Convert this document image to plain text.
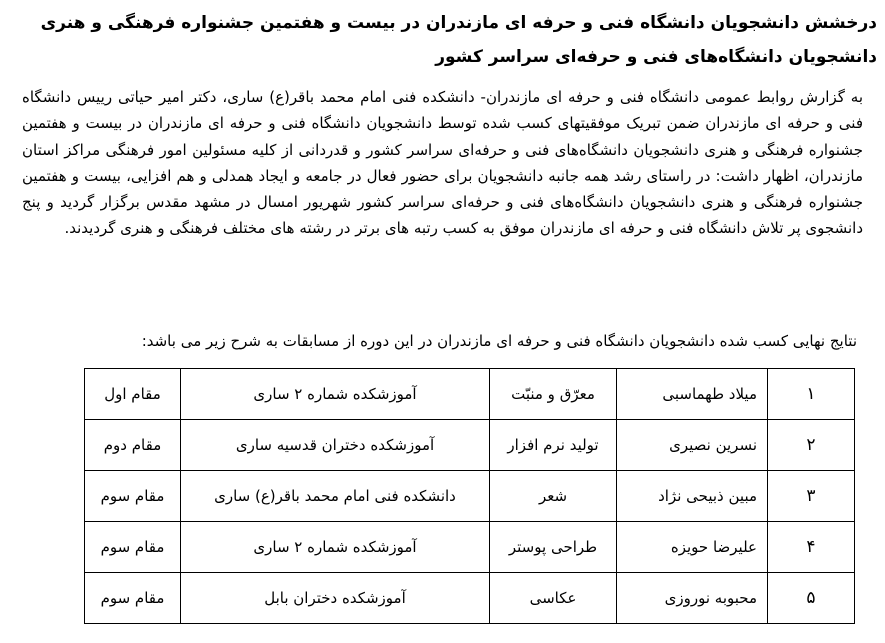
درخشش دانشجویان دانشگاه فنی و حرفه ای مازندران در بیست و هفتمین جشنواره فرهنگی و هنری دانشجویان دانشگاه‌های فنی و حرفه‌ای سراسر کشور

به گزارش روابط عمومی دانشگاه فنی و حرفه ای مازندران- دانشکده فنی امام محمد باقر(ع) ساری، دکتر امیر حیاتی رییس دانشگاه فنی و حرفه ای مازندران ضمن تبریک موفقیتهای کسب شده توسط دانشجویان دانشگاه فنی و حرفه ای مازندران در بیست و هفتمین جشنواره فرهنگی و هنری دانشجویان دانشگاه‌های فنی و حرفه‌ای سراسر کشور و قدردانی از کلیه مسئولین امور فرهنگی مراکز استان مازندران، اظهار داشت: در راستای رشد همه جانبه دانشجویان برای حضور فعال در جامعه و ایجاد همدلی و هم افزایی، بیست و هفتمین جشنواره فرهنگی و هنری دانشجویان دانشگاه‌های فنی و حرفه‌ای سراسر کشور شهریور امسال در مشهد مقدس برگزار گردید و پنج دانشجوی پر تلاش دانشگاه فنی و حرفه ای مازندران موفق به کسب رتبه های برتر در رشته های مختلف فرهنگی و هنری گردیدند.

نتایج نهایی کسب شده دانشجویان دانشگاه فنی و حرفه ای مازندران در این دوره از مسابقات به شرح زیر می باشد:

۱	میلاد طهماسبی	معرّق و منبّت	آموزشکده شماره ۲ ساری	مقام اول
۲	نسرین نصیری	تولید نرم افزار	آموزشکده دختران قدسیه ساری	مقام دوم
۳	مبین ذبیحی نژاد	شعر	دانشکده فنی امام محمد باقر(ع) ساری	مقام سوم
۴	علیرضا حویزه	طراحی پوستر	آموزشکده شماره ۲ ساری	مقام سوم
۵	محبوبه نوروزی	عکاسی	آموزشکده دختران بابل	مقام سوم
